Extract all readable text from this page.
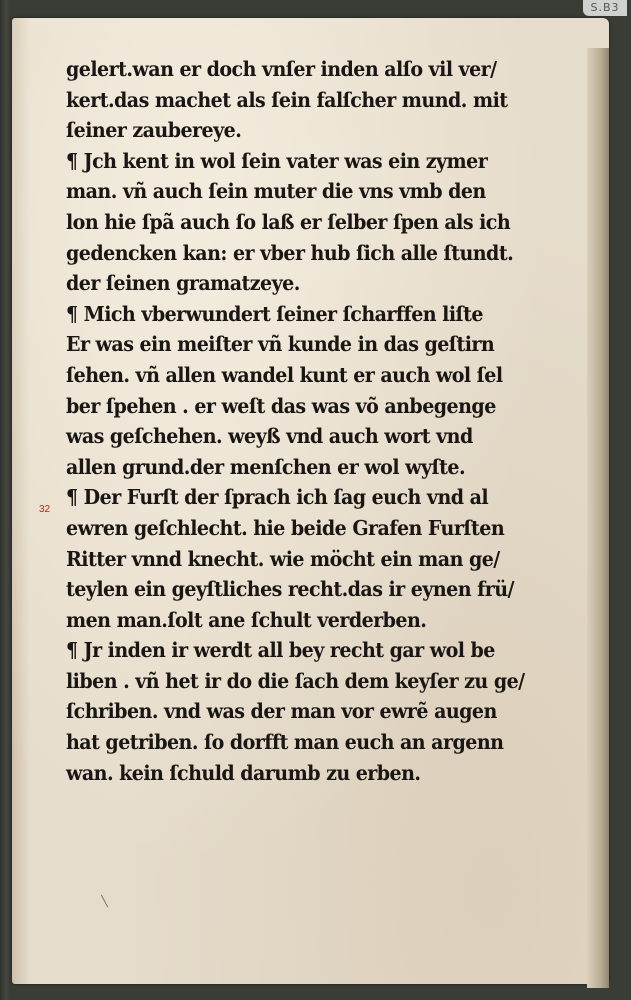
S.B3
32
gelert.wan er doch vnſer inden alſo vil ver/
kert.das machet als ſein falſcher mund. mit
ſeiner zaubereye.
¶ Jch kent in wol ſein vater was ein zymer
man. vñ auch ſein muter die vns vmb den
lon hie ſpã auch ſo laß er ſelber ſpen als ich
gedencken kan: er vber hub ſich alle ſtundt.
der ſeinen gramatzeye.
¶ Mich vberwundert ſeiner ſcharffen liſte
Er was ein meiſter vñ kunde in das geſtirn
ſehen. vñ allen wandel kunt er auch wol ſel
ber ſpehen . er weſt das was võ anbegenge
was geſchehen. weyß vnd auch wort vnd
allen grund.der menſchen er wol wyſte.
¶ Der Furſt der ſprach ich ſag euch vnd al
ewren geſchlecht. hie beide Grafen Furſten
Ritter vnnd knecht. wie möcht ein man ge/
teylen ein geyſtliches recht.das ir eynen frü/
men man.ſolt ane ſchult verderben.
¶ Jr inden ir werdt all bey recht gar wol be
liben . vñ het ir do die ſach dem keyſer zu ge/
ſchriben. vnd was der man vor ewrẽ augen
hat getriben. ſo dorfft man euch an argenn
wan. kein ſchuld darumb zu erben.
